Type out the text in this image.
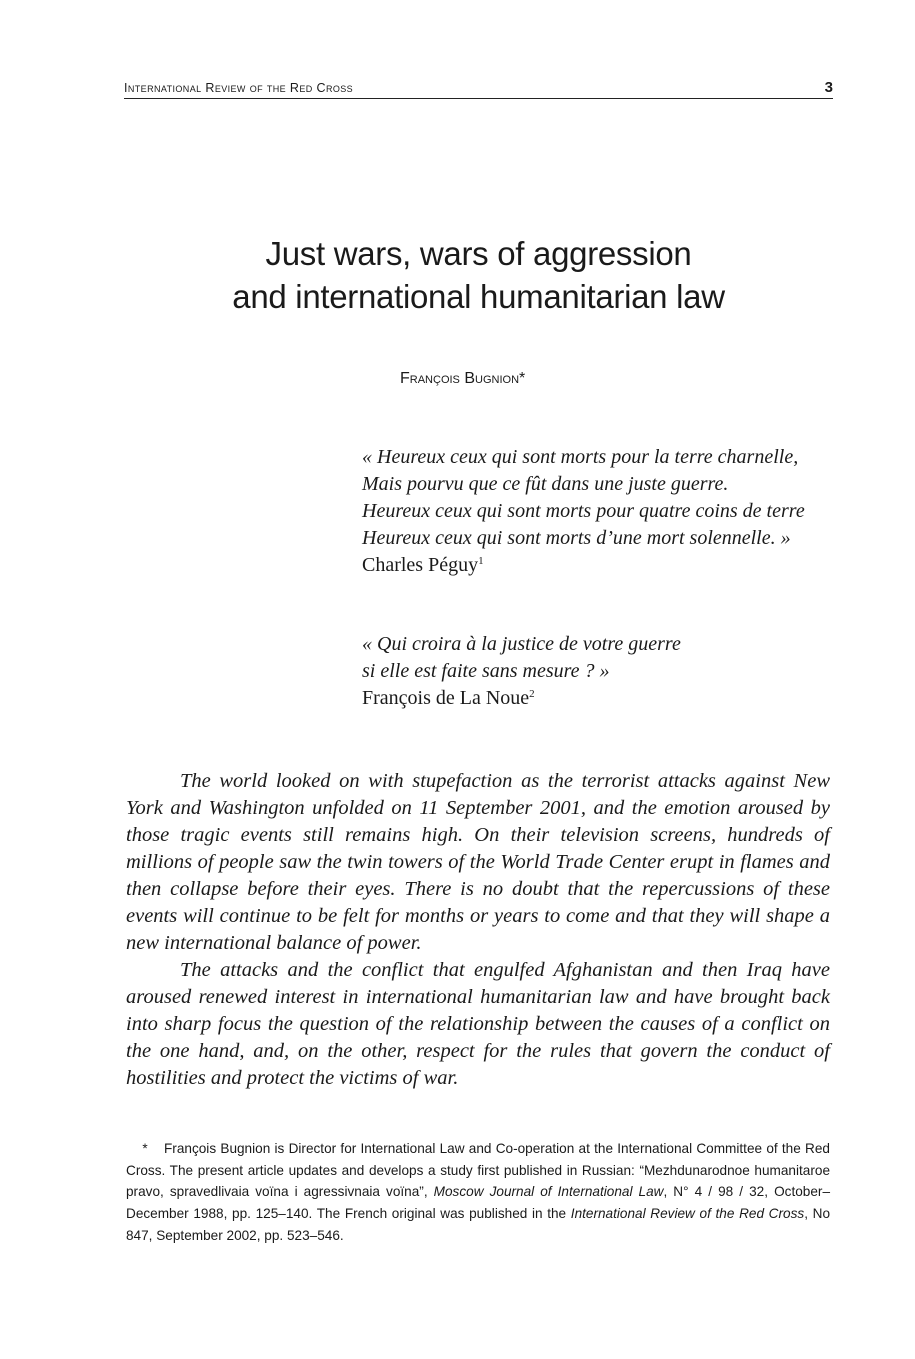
International Review of the Red Cross	3
Just wars, wars of aggression
and international humanitarian law
François Bugnion*
« Heureux ceux qui sont morts pour la terre charnelle,
Mais pourvu que ce fût dans une juste guerre.
Heureux ceux qui sont morts pour quatre coins de terre
Heureux ceux qui sont morts d’une mort solennelle. »
Charles Péguy$^1$
« Qui croira à la justice de votre guerre
si elle est faite sans mesure ? »
François de La Noue$^2$

The world looked on with stupefaction as the terrorist attacks against New York and Washington unfolded on 11 September 2001, and the emotion aroused by those tragic events still remains high. On their television screens, hundreds of millions of people saw the twin towers of the World Trade Center erupt in flames and then collapse before their eyes. There is no doubt that the repercussions of these events will continue to be felt for months or years to come and that they will shape a new international balance of power.

The attacks and the conflict that engulfed Afghanistan and then Iraq have aroused renewed interest in international humanitarian law and have brought back into sharp focus the question of the relationship between the causes of a conflict on the one hand, and, on the other, respect for the rules that govern the conduct of hostilities and protect the victims of war.

* François Bugnion is Director for International Law and Co-operation at the International Committee of the Red Cross. The present article updates and develops a study first published in Russian: “Mezhdunarodnoe humanitaroe pravo, spravedlivaia voïna i agressivnaia voïna”, Moscow Journal of International Law, N° 4 / 98 / 32, October–December 1988, pp. 125–140. The French original was published in the International Review of the Red Cross, No 847, September 2002, pp. 523–546.
